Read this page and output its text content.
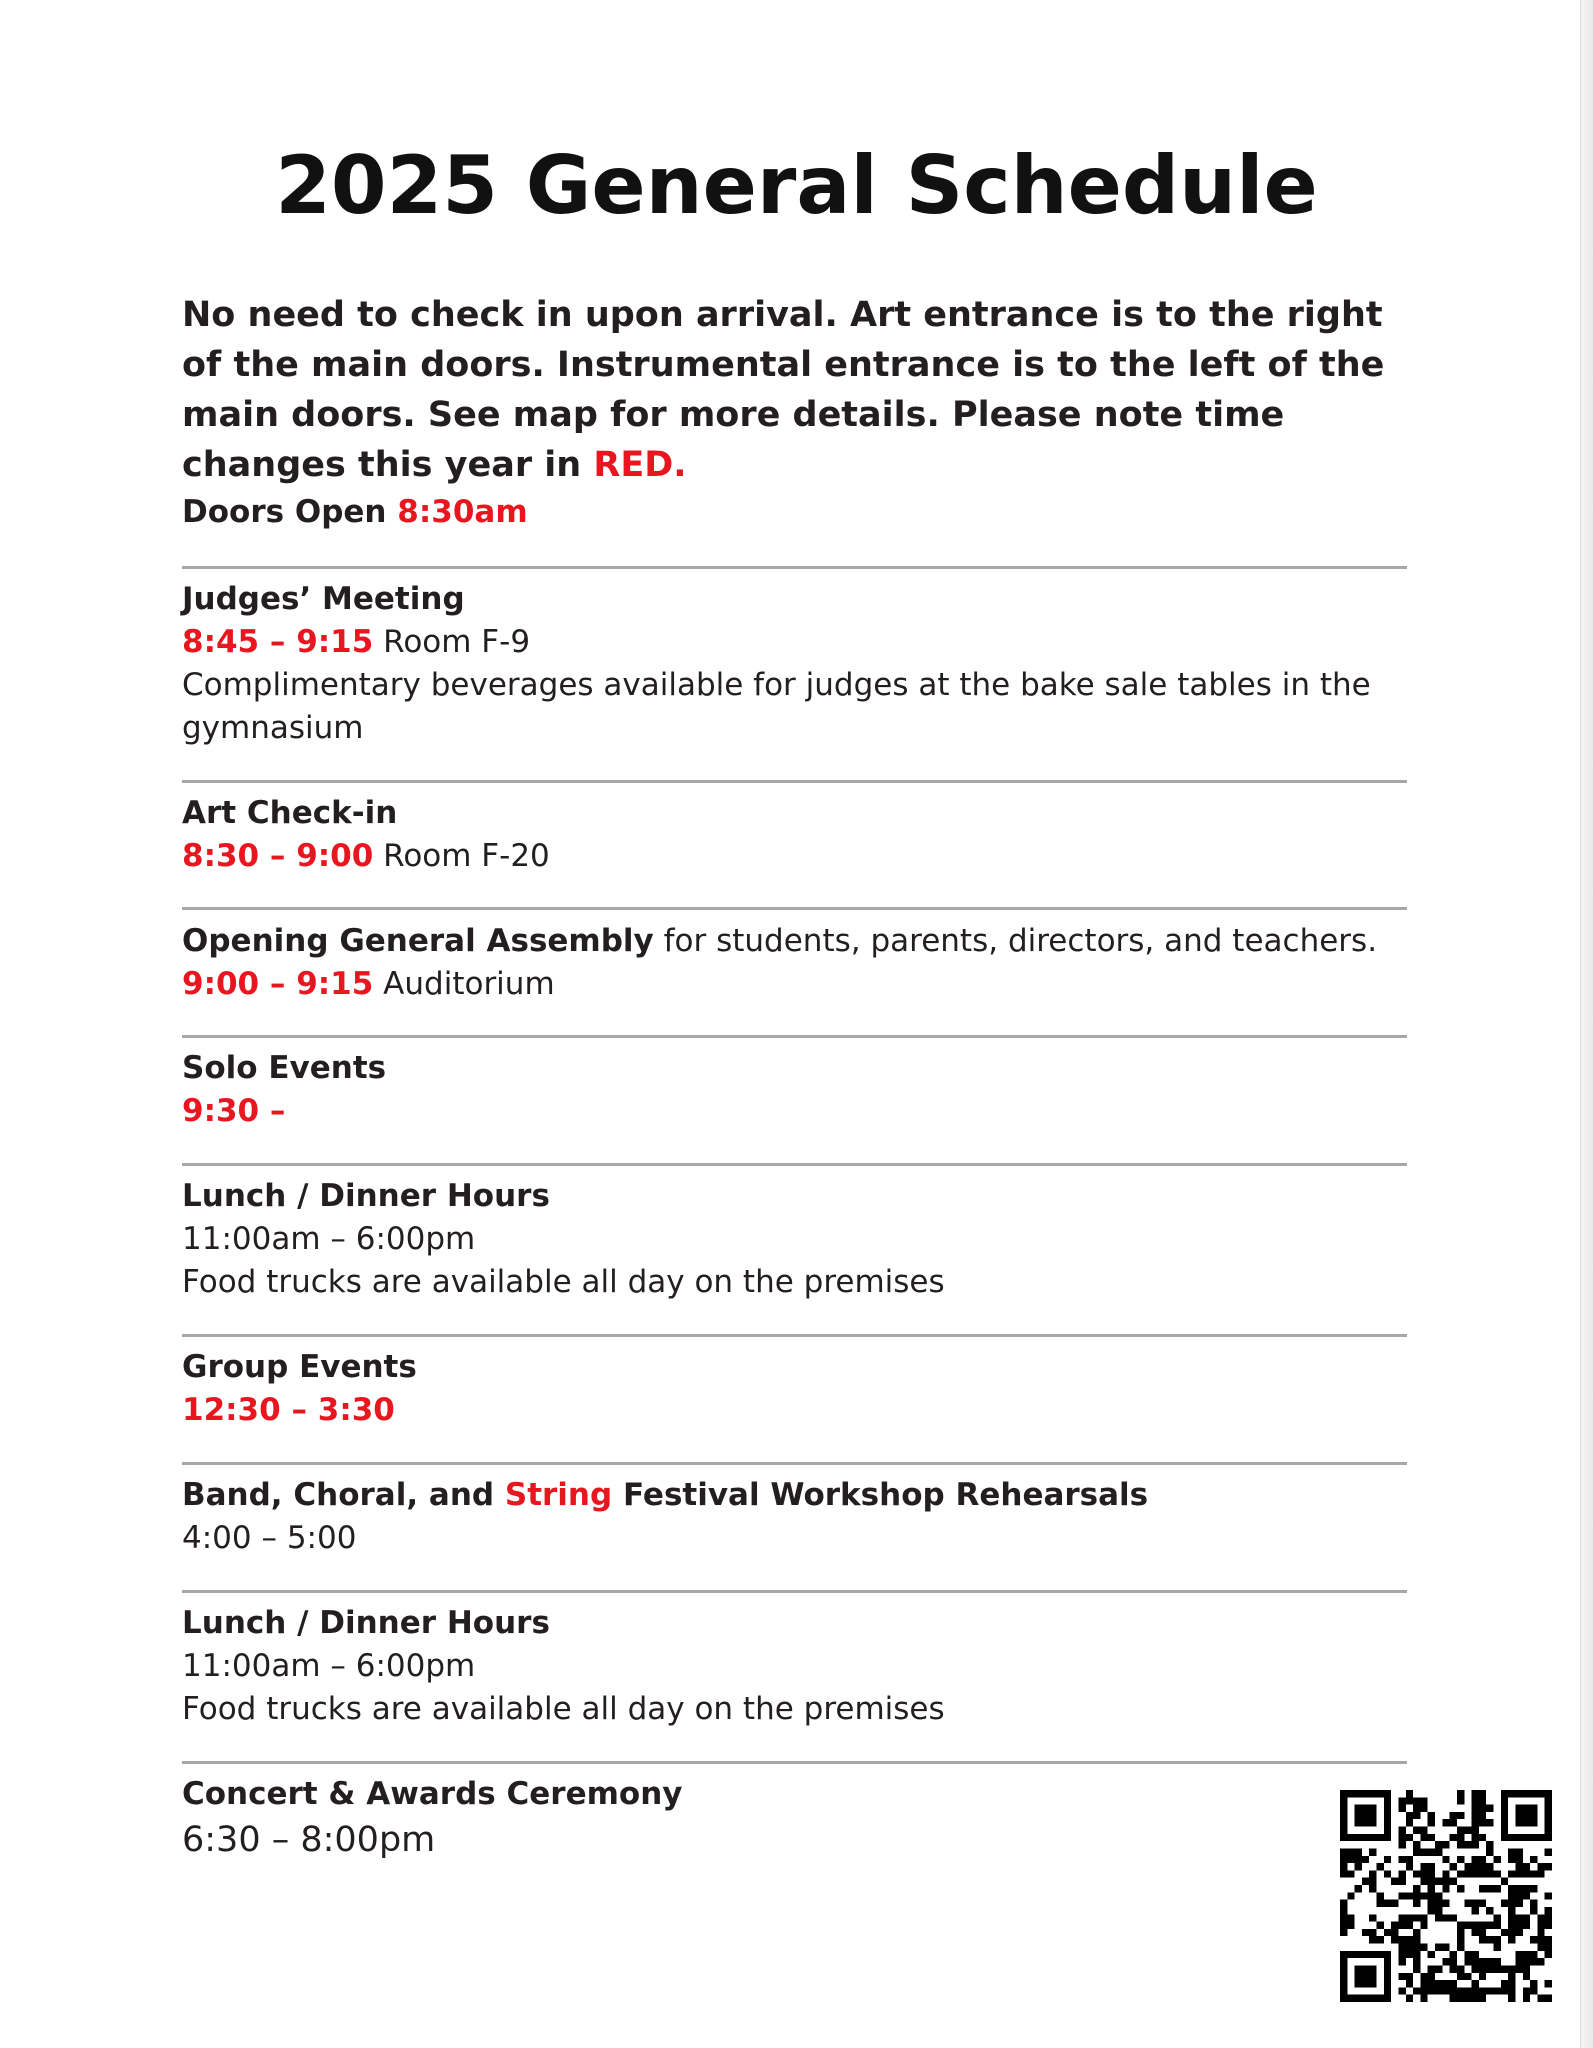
2025 General Schedule
No need to check in upon arrival. Art entrance is to the right of the main doors. Instrumental entrance is to the left of the main doors. See map for more details. Please note time changes this year in RED.
Doors Open 8:30am
Judges’ Meeting
8:45 – 9:15 Room F-9
Complimentary beverages available for judges at the bake sale tables in the gymnasium
Art Check-in
8:30 – 9:00 Room F-20
Opening General Assembly for students, parents, directors, and teachers.
9:00 – 9:15 Auditorium
Solo Events
9:30 –
Lunch / Dinner Hours
11:00am – 6:00pm
Food trucks are available all day on the premises
Group Events
12:30 – 3:30
Band, Choral, and String Festival Workshop Rehearsals
4:00 – 5:00
Lunch / Dinner Hours
11:00am – 6:00pm
Food trucks are available all day on the premises
Concert & Awards Ceremony
6:30 – 8:00pm
